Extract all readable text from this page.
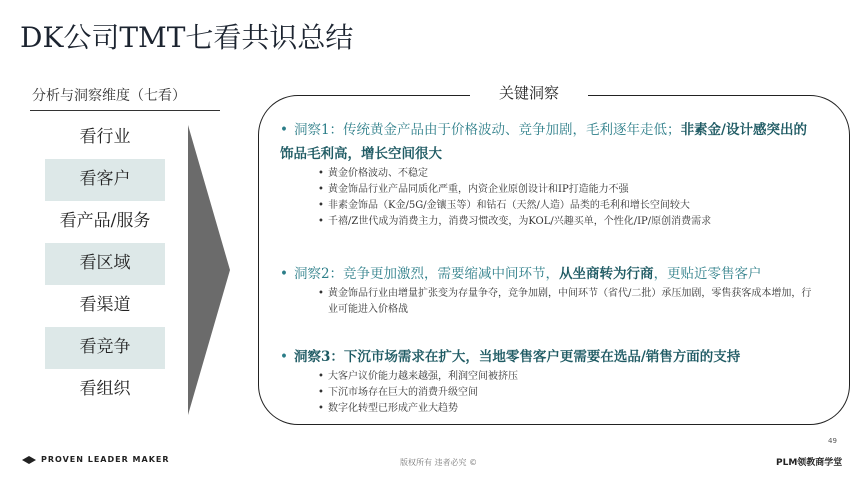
DK公司TMT七看共识总结
分析与洞察维度（七看）
看行业
看客户
看产品/服务
看区域
看渠道
看竞争
看组织
关键洞察
• 洞察1：传统黄金产品由于价格波动、竞争加剧，毛利逐年走低；非素金/设计感突出的饰品毛利高，增长空间很大
• 黄金价格波动、不稳定
• 黄金饰品行业产品同质化严重，内资企业原创设计和IP打造能力不强
• 非素金饰品（K金/5G/金镶玉等）和钻石（天然/人造）品类的毛利和增长空间较大
• 千禧/Z世代成为消费主力，消费习惯改变，为KOL/兴趣买单，个性化/IP/原创消费需求
• 洞察2：竞争更加激烈，需要缩减中间环节，从坐商转为行商，更贴近零售客户
• 黄金饰品行业由增量扩张变为存量争夺，竞争加剧，中间环节（省代/二批）承压加剧，零售获客成本增加，行业可能进入价格战
• 洞察3：下沉市场需求在扩大，当地零售客户更需要在选品/销售方面的支持
• 大客户议价能力越来越强，利润空间被挤压
• 下沉市场存在巨大的消费升级空间
• 数字化转型已形成产业大趋势
PROVEN LEADER MAKER	版权所有 违者必究 ©	PLM领教商学堂
49
